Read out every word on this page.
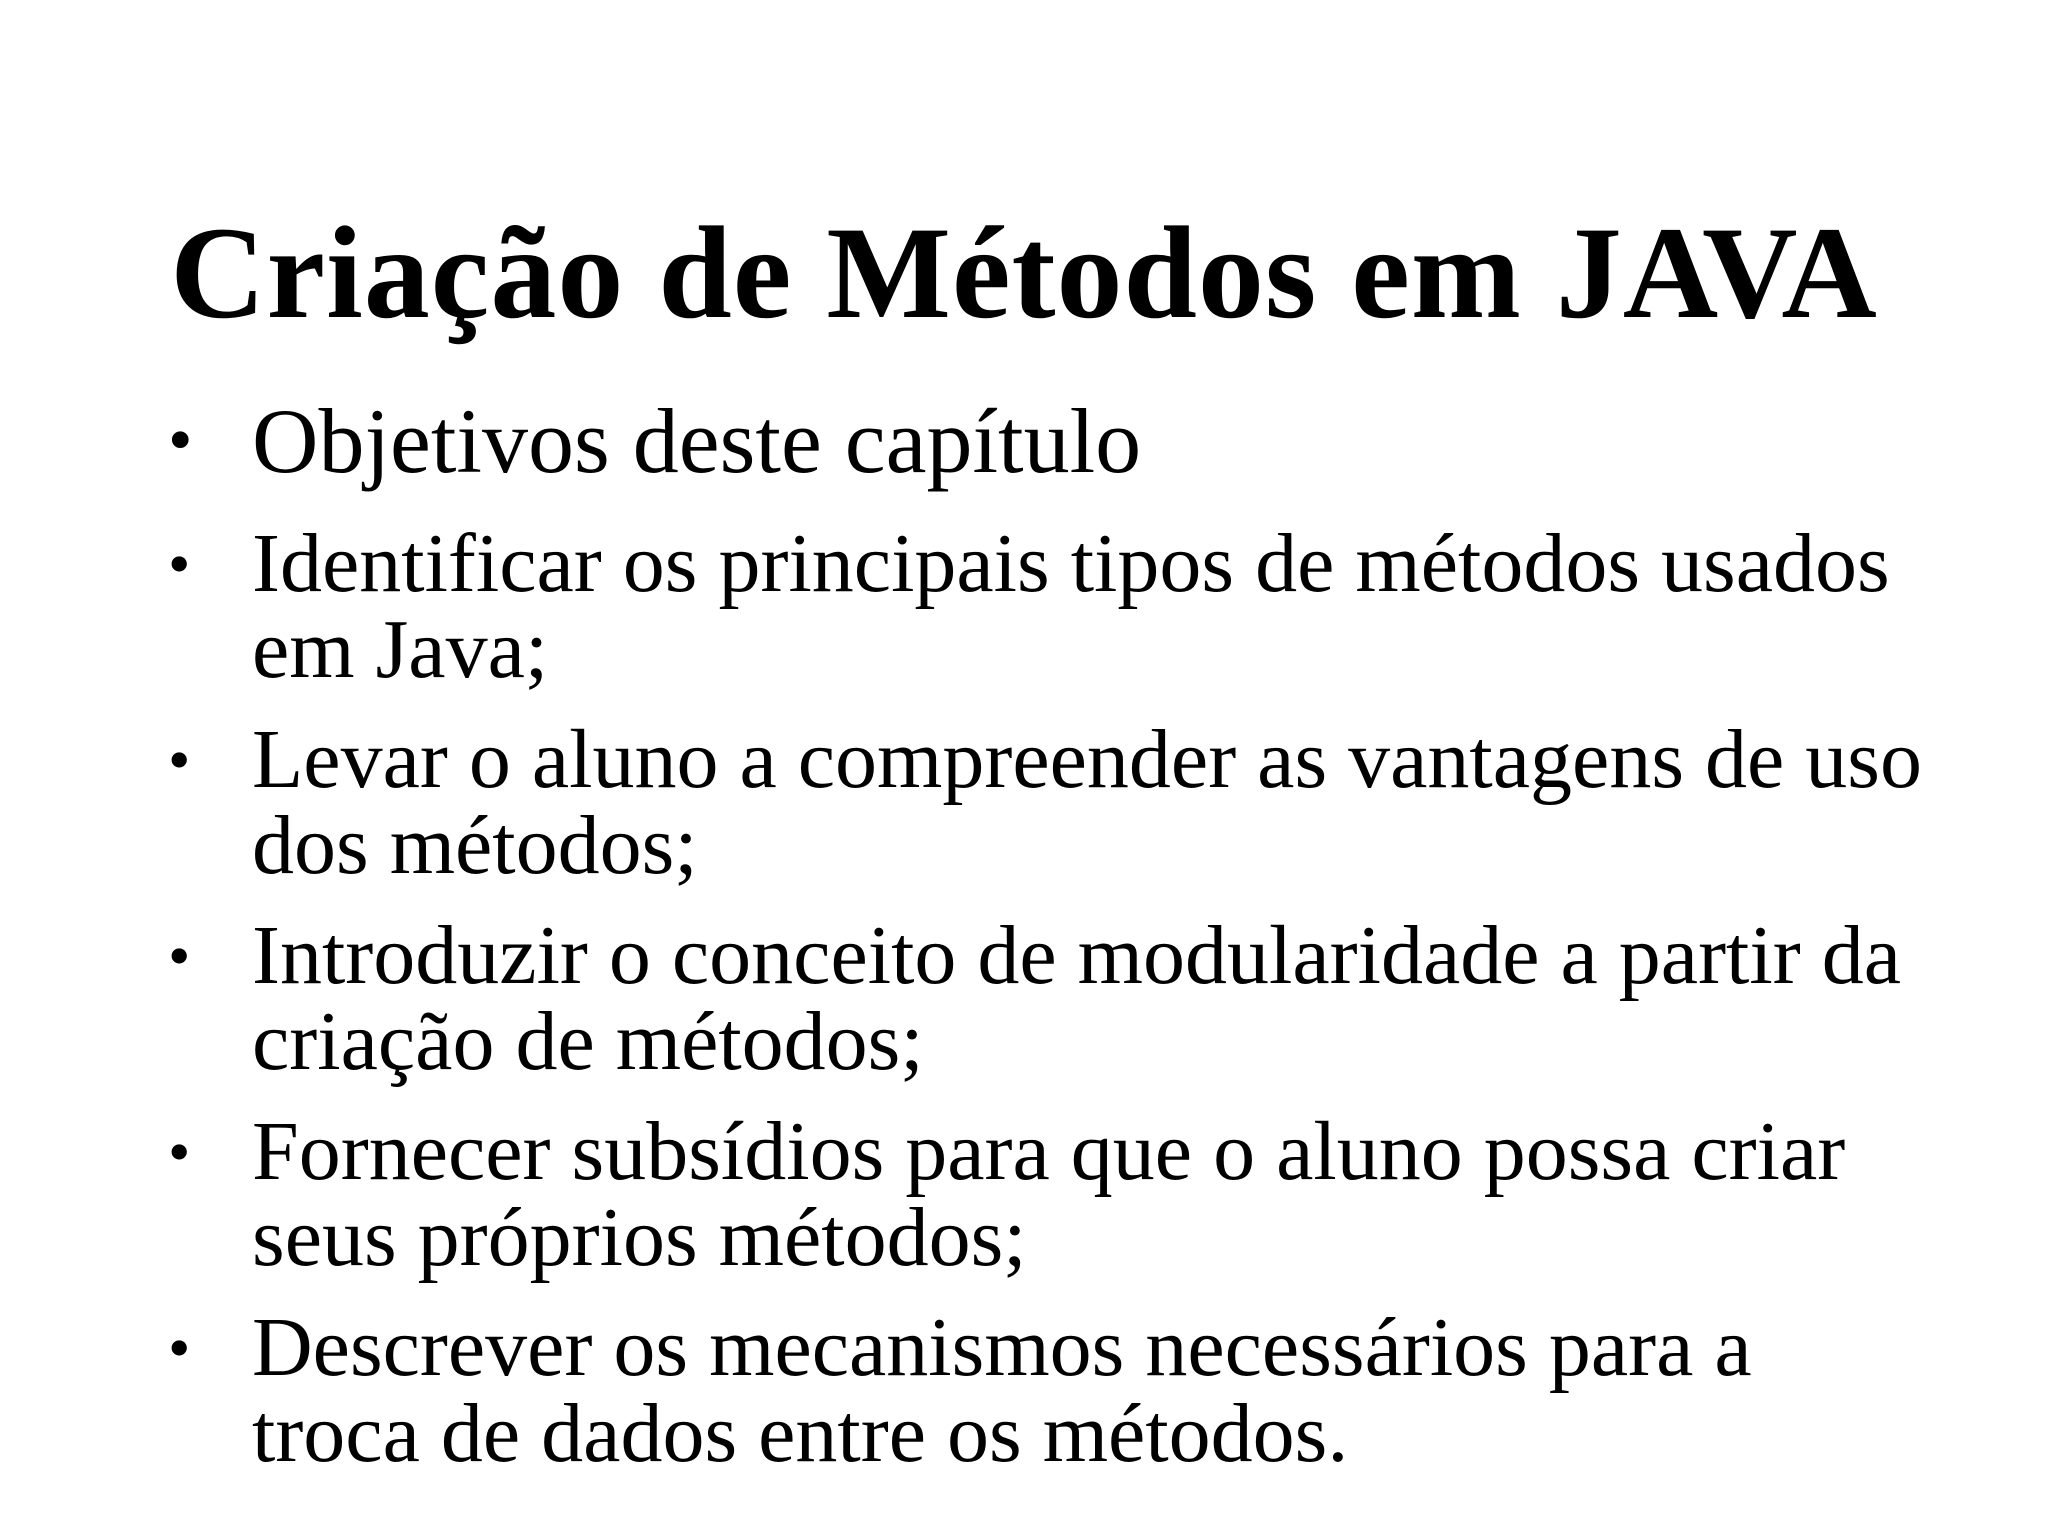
Criação de Métodos em JAVA
• Objetivos deste capítulo
• Identificar os principais tipos de métodos usados em Java;
• Levar o aluno a compreender as vantagens de uso dos métodos;
• Introduzir o conceito de modularidade a partir da criação de métodos;
• Fornecer subsídios para que o aluno possa criar seus próprios métodos;
• Descrever os mecanismos necessários para a troca de dados entre os métodos.
